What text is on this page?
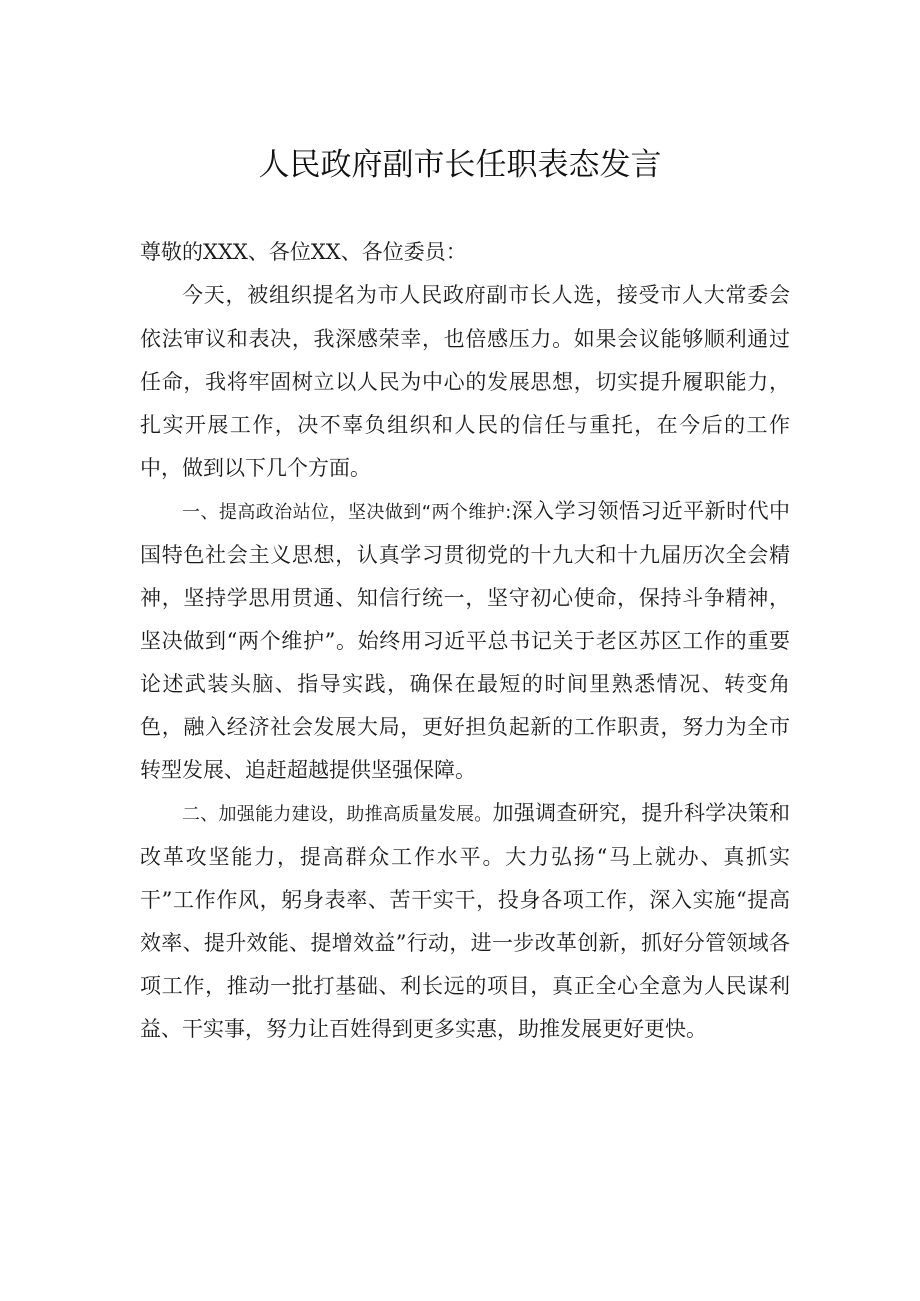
人民政府副市长任职表态发言

尊敬的XXX、各位XX、各位委员：

今天，被组织提名为市人民政府副市长人选，接受市人大常委会依法审议和表决，我深感荣幸，也倍感压力。如果会议能够顺利通过任命，我将牢固树立以人民为中心的发展思想，切实提升履职能力，扎实开展工作，决不辜负组织和人民的信任与重托，在今后的工作中，做到以下几个方面。

一、提高政治站位，坚决做到“两个维护:深入学习领悟习近平新时代中国特色社会主义思想，认真学习贯彻党的十九大和十九届历次全会精神，坚持学思用贯通、知信行统一，坚守初心使命，保持斗争精神，坚决做到“两个维护”。始终用习近平总书记关于老区苏区工作的重要论述武装头脑、指导实践，确保在最短的时间里熟悉情况、转变角色，融入经济社会发展大局，更好担负起新的工作职责，努力为全市转型发展、追赶超越提供坚强保障。

二、加强能力建设，助推高质量发展。加强调查研究，提升科学决策和改革攻坚能力，提高群众工作水平。大力弘扬“马上就办、真抓实干”工作作风，躬身表率、苦干实干，投身各项工作，深入实施“提高效率、提升效能、提增效益”行动，进一步改革创新，抓好分管领域各项工作，推动一批打基础、利长远的项目，真正全心全意为人民谋利益、干实事，努力让百姓得到更多实惠，助推发展更好更快。
